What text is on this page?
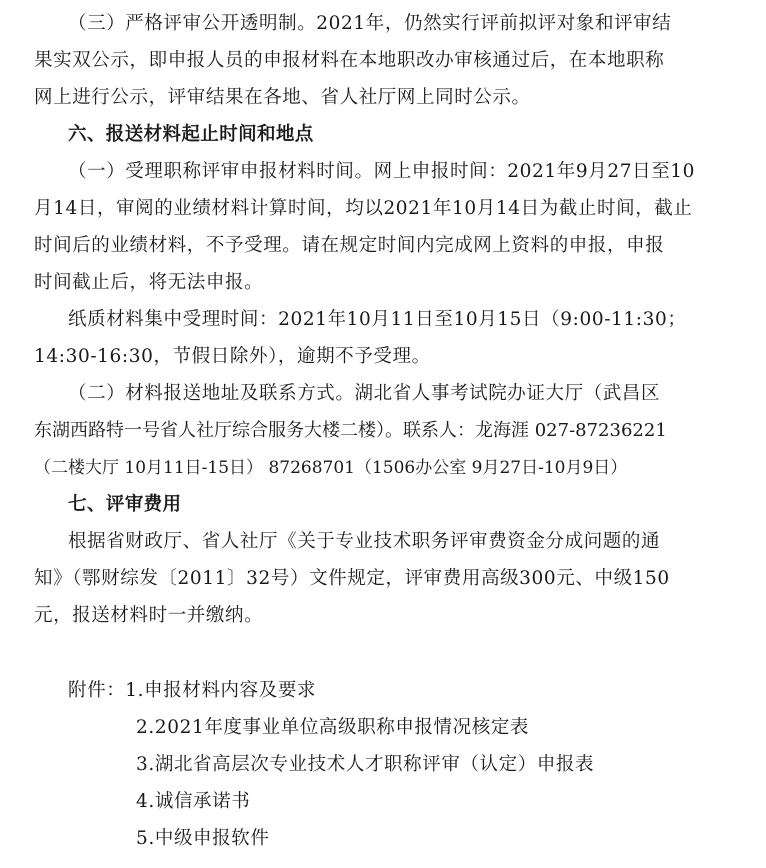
（三）严格评审公开透明制。2021年，仍然实行评前拟评对象和评审结
果实双公示，即申报人员的申报材料在本地职改办审核通过后，在本地职称
网上进行公示，评审结果在各地、省人社厅网上同时公示。
六、报送材料起止时间和地点
（一）受理职称评审申报材料时间。网上申报时间：2021年9月27日至10
月14日，审阅的业绩材料计算时间，均以2021年10月14日为截止时间，截止
时间后的业绩材料，不予受理。请在规定时间内完成网上资料的申报，申报
时间截止后，将无法申报。
纸质材料集中受理时间：2021年10月11日至10月15日（9:00-11:30；
14:30-16:30，节假日除外），逾期不予受理。
（二）材料报送地址及联系方式。湖北省人事考试院办证大厅（武昌区
东湖西路特一号省人社厅综合服务大楼二楼）。联系人：龙海涯 027-87236221
（二楼大厅 10月11日-15日） 87268701（1506办公室 9月27日-10月9日）
七、评审费用
根据省财政厅、省人社厅《关于专业技术职务评审费资金分成问题的通
知》（鄂财综发〔2011〕32号）文件规定，评审费用高级300元、中级150
元，报送材料时一并缴纳。
附件：1.申报材料内容及要求
2.2021年度事业单位高级职称申报情况核定表
3.湖北省高层次专业技术人才职称评审（认定）申报表
4.诚信承诺书
5.中级申报软件
